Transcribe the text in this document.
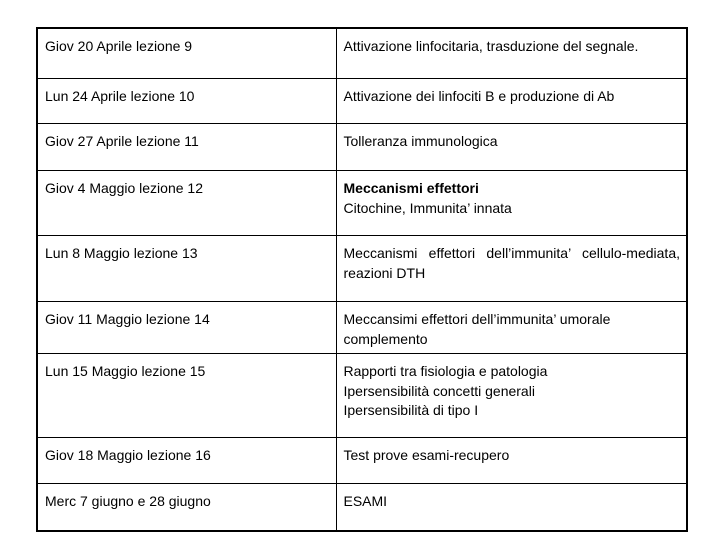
Giov 20 Aprile lezione 9	Attivazione linfocitaria, trasduzione del segnale.

Lun 24 Aprile lezione 10	Attivazione dei linfociti B e produzione di Ab

Giov 27 Aprile lezione 11	Tolleranza immunologica

Giov 4 Maggio lezione 12	Meccanismi effettori
Citochine, Immunita’ innata

Lun 8 Maggio lezione 13	Meccanismi effettori dell’immunita’ cellulo-mediata, reazioni DTH

Giov 11 Maggio lezione 14	Meccansimi effettori dell’immunita’ umorale
complemento

Lun 15 Maggio lezione 15	Rapporti tra fisiologia e patologia
Ipersensibilità concetti generali
Ipersensibilità di tipo I

Giov 18 Maggio lezione 16	Test prove esami-recupero

Merc 7 giugno e 28 giugno	ESAMI
